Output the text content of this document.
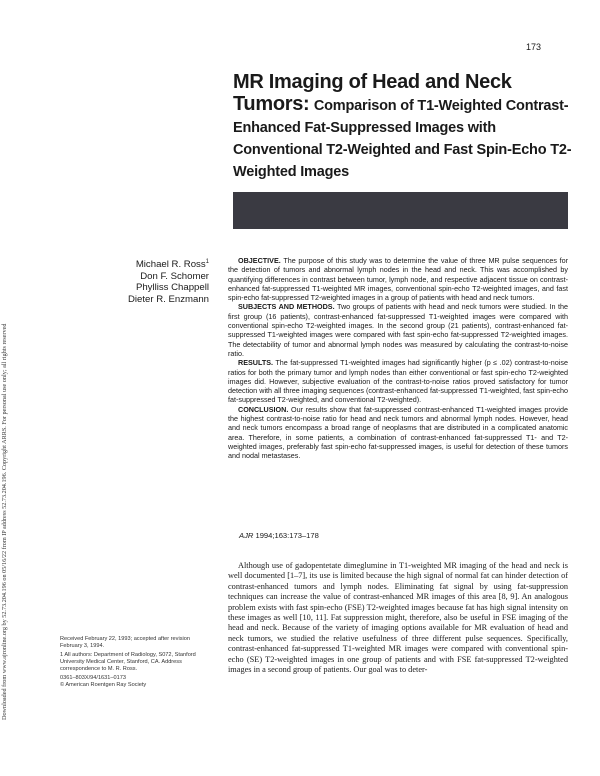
Downloaded from www.ajronline.org by 52.73.204.196 on 05/16/22 from IP address 52.73.204.196. Copyright ARRS. For personal use only; all rights reserved
173
MR Imaging of Head and Neck Tumors: Comparison of T1-Weighted Contrast-Enhanced Fat-Suppressed Images with Conventional T2-Weighted and Fast Spin-Echo T2-Weighted Images
Michael R. Ross$^1$
Don F. Schomer
Phylliss Chappell
Dieter R. Enzmann

OBJECTIVE. The purpose of this study was to determine the value of three MR pulse sequences for the detection of tumors and abnormal lymph nodes in the head and neck. This was accomplished by quantifying differences in contrast between tumor, lymph node, and respective adjacent tissue on contrast-enhanced fat-suppressed T1-weighted MR images, conventional spin-echo T2-weighted images, and fast spin-echo fat-suppressed T2-weighted images in a group of patients with head and neck tumors.

SUBJECTS AND METHODS. Two groups of patients with head and neck tumors were studied. In the first group (16 patients), contrast-enhanced fat-suppressed T1-weighted images were compared with conventional spin-echo T2-weighted images. In the second group (21 patients), contrast-enhanced fat-suppressed T1-weighted images were compared with fast spin-echo fat-suppressed T2-weighted images. The detectability of tumor and abnormal lymph nodes was measured by calculating the contrast-to-noise ratio.

RESULTS. The fat-suppressed T1-weighted images had significantly higher (p ≤ .02) contrast-to-noise ratios for both the primary tumor and lymph nodes than either conventional or fast spin-echo T2-weighted images did. However, subjective evaluation of the contrast-to-noise ratios proved satisfactory for tumor detection with all three imaging sequences (contrast-enhanced fat-suppressed T1-weighted, fast spin-echo fat-suppressed T2-weighted, and conventional T2-weighted).

CONCLUSION. Our results show that fat-suppressed contrast-enhanced T1-weighted images provide the highest contrast-to-noise ratio for head and neck tumors and abnormal lymph nodes. However, head and neck tumors encompass a broad range of neoplasms that are distributed in a complicated anatomic area. Therefore, in some patients, a combination of contrast-enhanced fat-suppressed T1- and T2-weighted images, preferably fast spin-echo fat-suppressed images, is useful for detection of these tumors and nodal metastases.

AJR 1994;163:173–178

Although use of gadopentetate dimeglumine in T1-weighted MR imaging of the head and neck is well documented [1–7], its use is limited because the high signal of normal fat can hinder detection of contrast-enhanced tumors and lymph nodes. Eliminating fat signal by using fat-suppression techniques can increase the value of contrast-enhanced MR images of this area [8, 9]. An analogous problem exists with fast spin-echo (FSE) T2-weighted images because fat has high signal intensity on these images as well [10, 11]. Fat suppression might, therefore, also be useful in FSE imaging of the head and neck. Because of the variety of imaging options available for MR evaluation of head and neck tumors, we studied the relative usefulness of three different pulse sequences. Specifically, contrast-enhanced fat-suppressed T1-weighted MR images were compared with conventional spin-echo (SE) T2-weighted images in one group of patients and with FSE fat-suppressed T2-weighted images in a second group of patients. Our goal was to deter-

Received February 22, 1993; accepted after revision February 3, 1994.

1 All authors: Department of Radiology, S072, Stanford University Medical Center, Stanford, CA. Address correspondence to M. R. Ross.

0361–803X/94/1631–0173

© American Roentgen Ray Society
